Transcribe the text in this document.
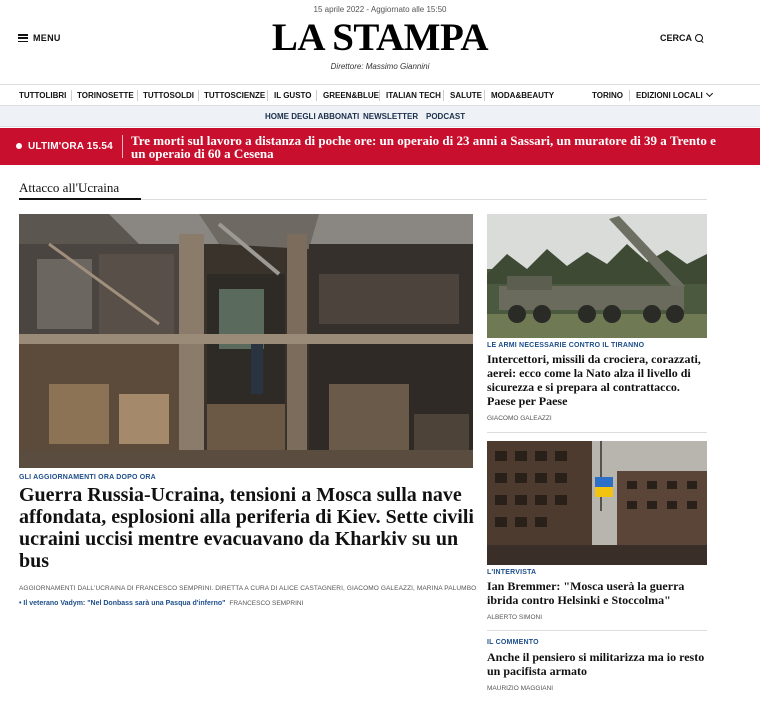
15 aprile 2022 - Aggiornato alle 15:50
MENU	LA STAMPA
Direttore: Massimo Giannini
CERCA
TUTTOLIBRI TORINOSETTE TUTTOSOLDI TUTTOSCIENZE IL GUSTO GREEN&BLUE ITALIAN TECH SALUTE MODA&BEAUTY	TORINO EDIZIONI LOCALI
HOME DEGLI ABBONATI NEWSLETTER PODCAST
ULTIM'ORA 15.54 Tre morti sul lavoro a distanza di poche ore: un operaio di 23 anni a Sassari, un muratore di 39 a Trento e un operaio di 60 a Cesena
Attacco all'Ucraina
GLI AGGIORNAMENTI ORA DOPO ORA
Guerra Russia-Ucraina, tensioni a Mosca sulla nave affondata, esplosioni alla periferia di Kiev. Sette civili ucraini uccisi mentre evacuavano da Kharkiv su un bus
AGGIORNAMENTI DALL'UCRAINA DI FRANCESCO SEMPRINI. DIRETTA A CURA DI ALICE CASTAGNERI, GIACOMO GALEAZZI, MARINA PALUMBO
• Il veterano Vadym: "Nel Donbass sarà una Pasqua d'inferno" FRANCESCO SEMPRINI
LE ARMI NECESSARIE CONTRO IL TIRANNO
Intercettori, missili da crociera, corazzati, aerei: ecco come la Nato alza il livello di sicurezza e si prepara al contrattacco. Paese per Paese
GIACOMO GALEAZZI
L'INTERVISTA
Ian Bremmer: "Mosca userà la guerra ibrida contro Helsinki e Stoccolma"
ALBERTO SIMONI
IL COMMENTO
Anche il pensiero si militarizza ma io resto un pacifista armato
MAURIZIO MAGGIANI
